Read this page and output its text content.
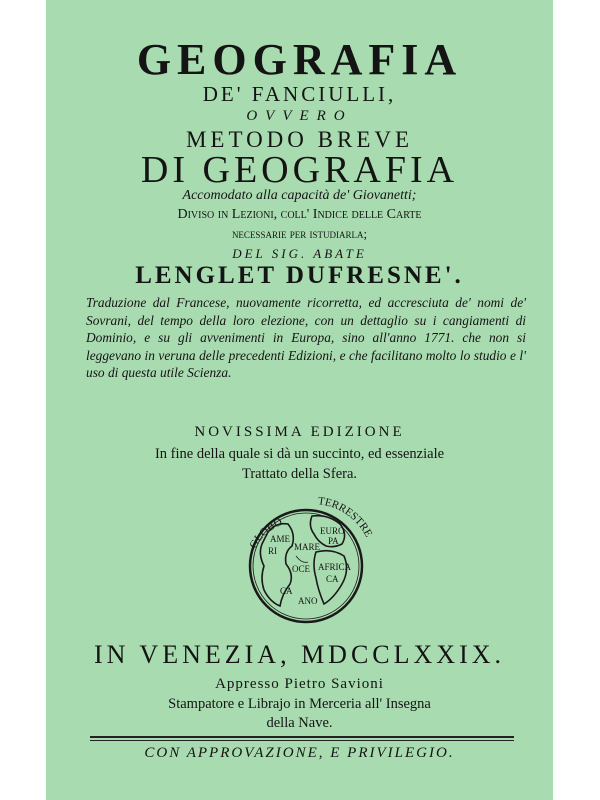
GEOGRAFIA
DE' FANCIULLI,
OVVERO
METODO BREVE
DI GEOGRAFIA
Accomodato alla capacità de' Giovanetti;
Diviso in Lezioni, coll' Indice delle Carte
necessarie per istudiarla;
DEL SIG. ABATE
LENGLET DUFRESNE'.
Traduzione dal Francese, nuovamente ricorretta, ed accresciuta de' nomi de' Sovrani, del tempo della loro elezione, con un dettaglio su i cangiamenti di Dominio, e su gli avvenimenti in Europa, sino all'anno 1771. che non si leggevano in veruna delle precedenti Edizioni, e che facilitano molto lo studio e l' uso di questa utile Scienza.
NOVISSIMA EDIZIONE
In fine della quale si dà un succinto, ed essenziale
Trattato della Sfera.
GLOBO
TERRESTRE
AME
RI MARE
EURO
PA
OCE AFRICA
CA
ANO
CA
IN VENEZIA, MDCCLXXIX.
Appresso Pietro Savioni
Stampatore e Librajo in Merceria all' Insegna
della Nave.
CON APPROVAZIONE, E PRIVILEGIO.
